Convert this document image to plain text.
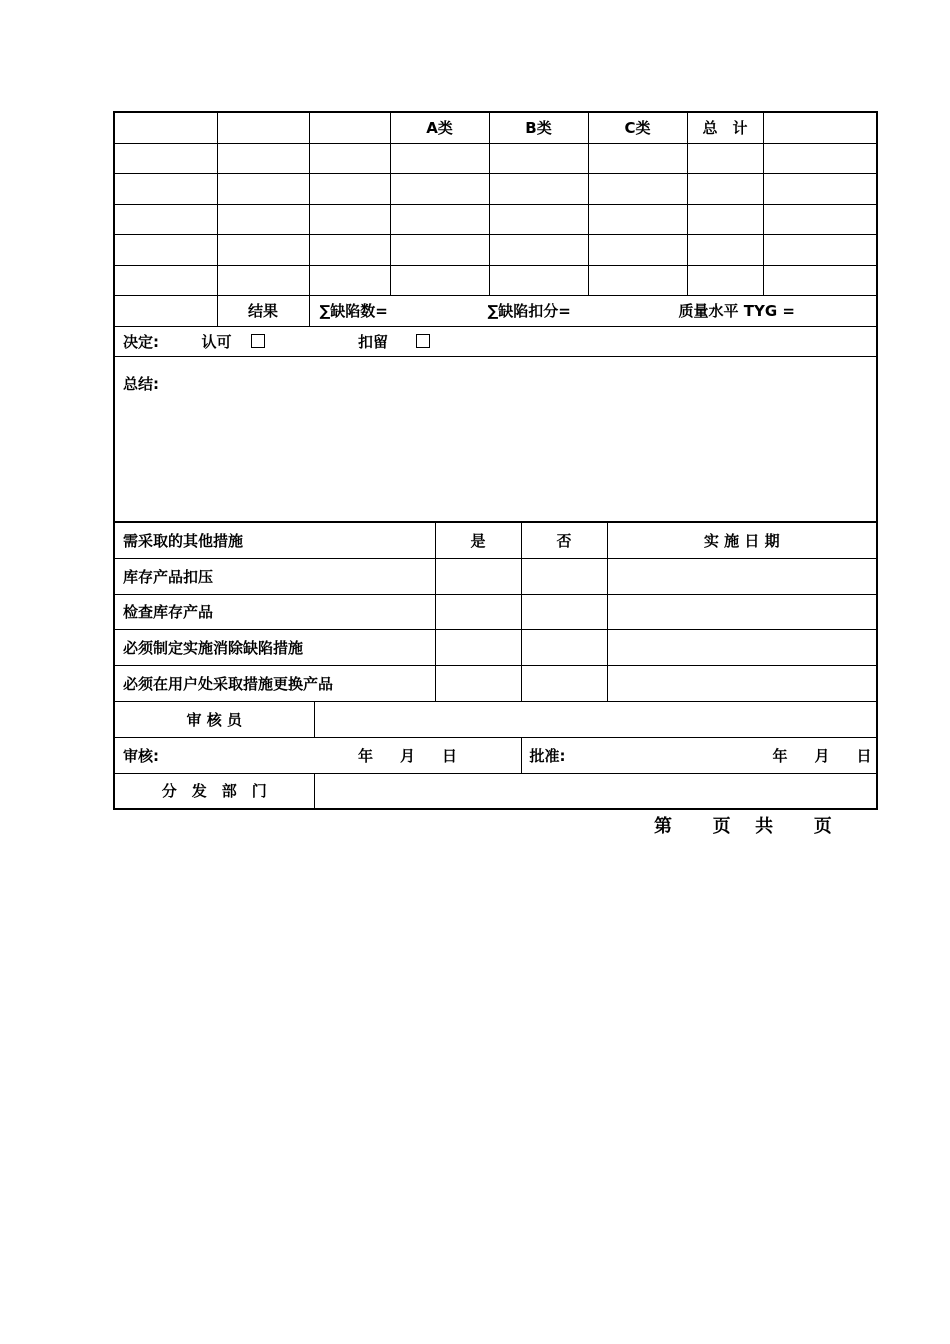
			A类	B类	C类	总　计	

	结果	∑缺陷数= ∑缺陷扣分= 质量水平 TYG =					
决定: 认可 扣留							

总结:							
需采取的其他措施		是	否	实 施 日 期
库存产品扣压				
检查库存产品				
必须制定实施消除缺陷措施				
必须在用户处采取措施更换产品				
审 核 员				
审核: 年 月 日			批准: 年 月 日	

分　发　部　门				
第 页 共 页
